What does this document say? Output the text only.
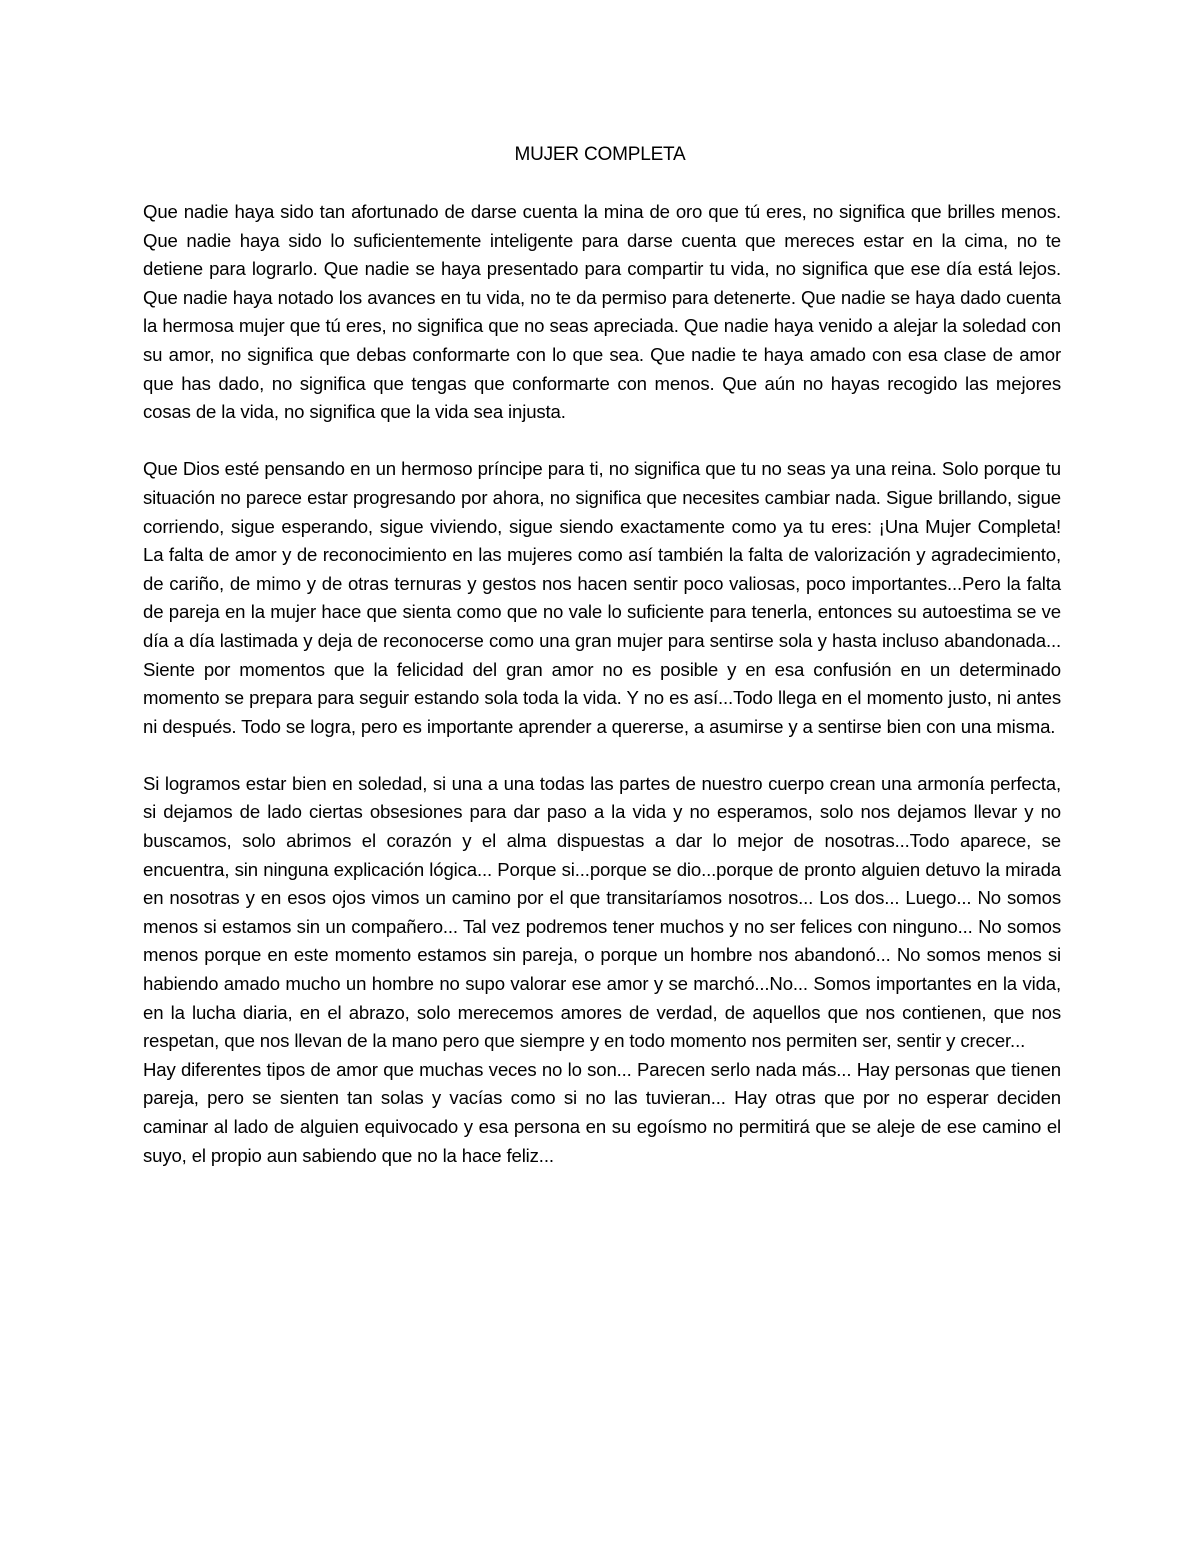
MUJER COMPLETA

Que nadie haya sido tan afortunado de darse cuenta la mina de oro que tú eres, no significa que brilles menos. Que nadie haya sido lo suficientemente inteligente para darse cuenta que mereces estar en la cima, no te detiene para lograrlo. Que nadie se haya presentado para compartir tu vida, no significa que ese día está lejos. Que nadie haya notado los avances en tu vida, no te da permiso para detenerte. Que nadie se haya dado cuenta la hermosa mujer que tú eres, no significa que no seas apreciada. Que nadie haya venido a alejar la soledad con su amor, no significa que debas conformarte con lo que sea. Que nadie te haya amado con esa clase de amor que has dado, no significa que tengas que conformarte con menos. Que aún no hayas recogido las mejores cosas de la vida, no significa que la vida sea injusta.

Que Dios esté pensando en un hermoso príncipe para ti, no significa que tu no seas ya una reina. Solo porque tu situación no parece estar progresando por ahora, no significa que necesites cambiar nada. Sigue brillando, sigue corriendo, sigue esperando, sigue viviendo, sigue siendo exactamente como ya tu eres: ¡Una Mujer Completa! La falta de amor y de reconocimiento en las mujeres como así también la falta de valorización y agradecimiento, de cariño, de mimo y de otras ternuras y gestos nos hacen sentir poco valiosas, poco importantes...Pero la falta de pareja en la mujer hace que sienta como que no vale lo suficiente para tenerla, entonces su autoestima se ve día a día lastimada y deja de reconocerse como una gran mujer para sentirse sola y hasta incluso abandonada... Siente por momentos que la felicidad del gran amor no es posible y en esa confusión en un determinado momento se prepara para seguir estando sola toda la vida. Y no es así...Todo llega en el momento justo, ni antes ni después. Todo se logra, pero es importante aprender a quererse, a asumirse y a sentirse bien con una misma.

Si logramos estar bien en soledad, si una a una todas las partes de nuestro cuerpo crean una armonía perfecta, si dejamos de lado ciertas obsesiones para dar paso a la vida y no esperamos, solo nos dejamos llevar y no buscamos, solo abrimos el corazón y el alma dispuestas a dar lo mejor de nosotras...Todo aparece, se encuentra, sin ninguna explicación lógica... Porque si...porque se dio...porque de pronto alguien detuvo la mirada en nosotras y en esos ojos vimos un camino por el que transitaríamos nosotros... Los dos... Luego... No somos menos si estamos sin un compañero... Tal vez podremos tener muchos y no ser felices con ninguno... No somos menos porque en este momento estamos sin pareja, o porque un hombre nos abandonó... No somos menos si habiendo amado mucho un hombre no supo valorar ese amor y se marchó...No... Somos importantes en la vida, en la lucha diaria, en el abrazo, solo merecemos amores de verdad, de aquellos que nos contienen, que nos respetan, que nos llevan de la mano pero que siempre y en todo momento nos permiten ser, sentir y crecer...

Hay diferentes tipos de amor que muchas veces no lo son... Parecen serlo nada más... Hay personas que tienen pareja, pero se sienten tan solas y vacías como si no las tuvieran... Hay otras que por no esperar deciden caminar al lado de alguien equivocado y esa persona en su egoísmo no permitirá que se aleje de ese camino el suyo, el propio aun sabiendo que no la hace feliz...
